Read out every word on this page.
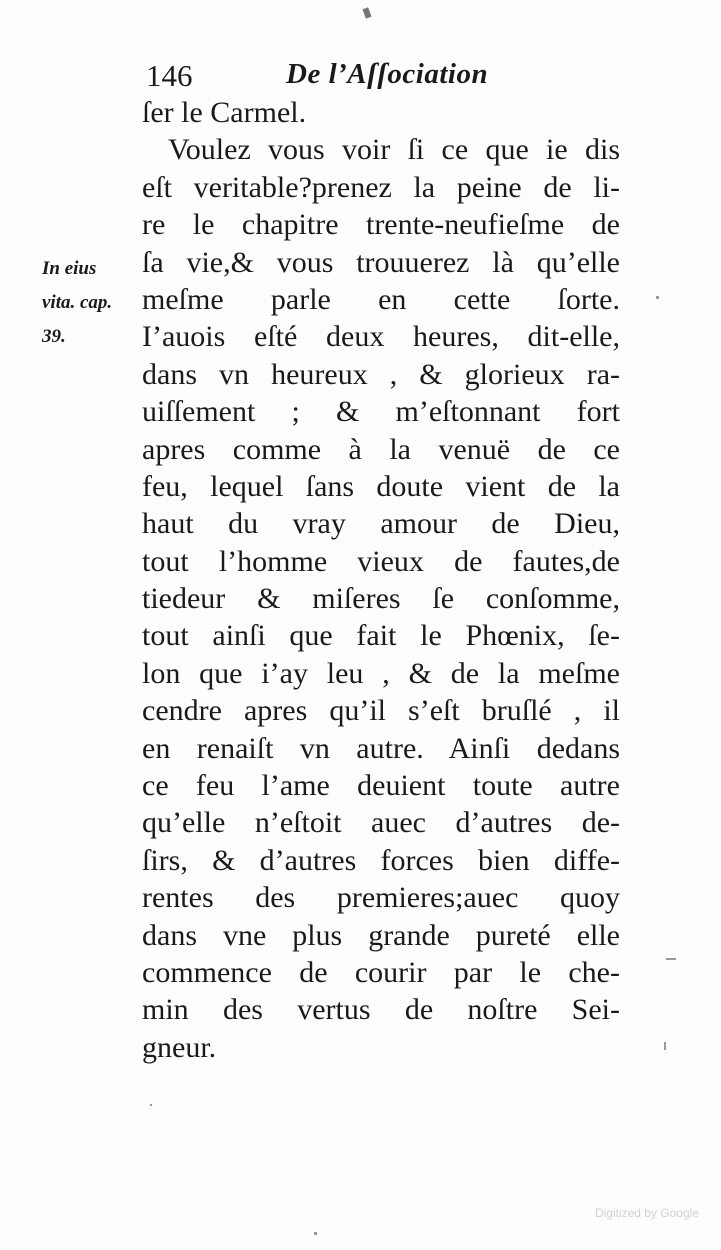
146	De l’Aſſociation
In eius
vita. cap.
39.
ſer le Carmel.
Voulez vous voir ſi ce que ie dis
eſt veritable?prenez la peine de li-
re le chapitre trente-neufieſme de
ſa vie,& vous trouuerez là qu’elle
meſme parle en cette ſorte.
I’auois eſté deux heures, dit-elle,
dans vn heureux , & glorieux ra-
uiſſement ; & m’eſtonnant fort
apres comme à la venuë de ce
feu, lequel ſans doute vient de la
haut du vray amour de Dieu,
tout l’homme vieux de fautes,de
tiedeur & miſeres ſe conſomme,
tout ainſi que fait le Phœnix, ſe-
lon que i’ay leu , & de la meſme
cendre apres qu’il s’eſt bruſlé , il
en renaiſt vn autre. Ainſi dedans
ce feu l’ame deuient toute autre
qu’elle n’eſtoit auec d’autres de-
ſirs, & d’autres forces bien diffe-
rentes des premieres;auec quoy
dans vne plus grande pureté elle
commence de courir par le che-
min des vertus de noſtre Sei-
gneur.
Digitized by Google
